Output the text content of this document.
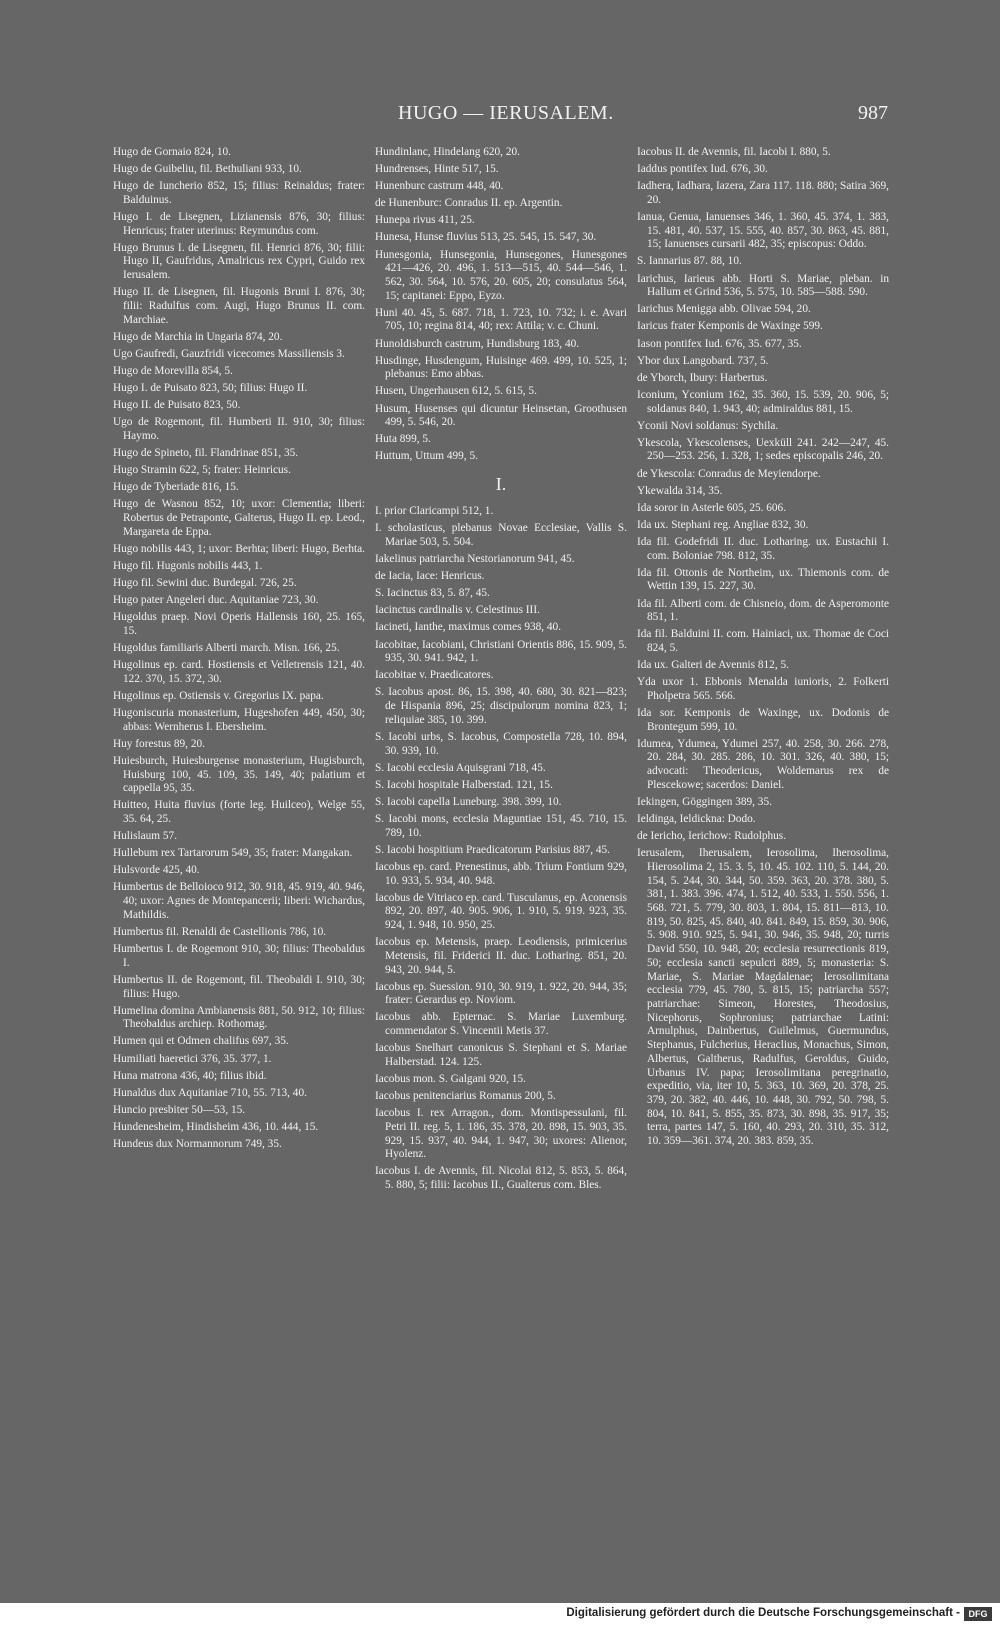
HUGO — IERUSALEM.	987
Hugo de Gornaio 824, 10.
Hugo de Guibeliu, fil. Bethuliani 933, 10.
Hugo de Iuncherio 852, 15; filius: Reinaldus; frater: Balduinus.
Hugo I. de Lisegnen, Lizianensis 876, 30; filius: Henricus; frater uterinus: Reymundus com.
Hugo Brunus I. de Lisegnen, fil. Henrici 876, 30; filii: Hugo II, Gaufridus, Amalricus rex Cypri, Guido rex Ierusalem.
Hugo II. de Lisegnen, fil. Hugonis Bruni I. 876, 30; filii: Radulfus com. Augi, Hugo Brunus II. com. Marchiae.
Hugo de Marchia in Ungaria 874, 20.
Ugo Gaufredi, Gauzfridi vicecomes Massiliensis 3.
Hugo de Morevilla 854, 5.
Hugo I. de Puisato 823, 50; filius: Hugo II.
Hugo II. de Puisato 823, 50.
Ugo de Rogemont, fil. Humberti II. 910, 30; filius: Haymo.
Hugo de Spineto, fil. Flandrinae 851, 35.
Hugo Stramin 622, 5; frater: Heinricus.
Hugo de Tyberiade 816, 15.
Hugo de Wasnou 852, 10; uxor: Clementia; liberi: Robertus de Petraponte, Galterus, Hugo II. ep. Leod., Margareta de Eppa.
Hugo nobilis 443, 1; uxor: Berhta; liberi: Hugo, Berhta.
Hugo fil. Hugonis nobilis 443, 1.
Hugo fil. Sewini duc. Burdegal. 726, 25.
Hugo pater Angeleri duc. Aquitaniae 723, 30.
Hugoldus praep. Novi Operis Hallensis 160, 25. 165, 15.
Hugoldus familiaris Alberti march. Misn. 166, 25.
Hugolinus ep. card. Hostiensis et Velletrensis 121, 40. 122. 370, 15. 372, 30.
Hugolinus ep. Ostiensis v. Gregorius IX. papa.
Hugoniscuria monasterium, Hugeshofen 449, 450, 30; abbas: Wernherus I. Ebersheim.
Huy forestus 89, 20.
Huiesburch, Huiesburgense monasterium, Hugisburch, Huisburg 100, 45. 109, 35. 149, 40; palatium et cappella 95, 35.
Huitteo, Huita fluvius (forte leg. Huilceo), Welge 55, 35. 64, 25.
Hulislaum 57.
Hullebum rex Tartarorum 549, 35; frater: Mangakan.
Hulsvorde 425, 40.
Humbertus de Belloioco 912, 30. 918, 45. 919, 40. 946, 40; uxor: Agnes de Montepancerii; liberi: Wichardus, Mathildis.
Humbertus fil. Renaldi de Castellionis 786, 10.
Humbertus I. de Rogemont 910, 30; filius: Theobaldus I.
Humbertus II. de Rogemont, fil. Theobaldi I. 910, 30; filius: Hugo.
Humelina domina Ambianensis 881, 50. 912, 10; filius: Theobaldus archiep. Rothomag.
Humen qui et Odmen chalifus 697, 35.
Humiliati haeretici 376, 35. 377, 1.
Huna matrona 436, 40; filius ibid.
Hunaldus dux Aquitaniae 710, 55. 713, 40.
Huncio presbiter 50—53, 15.
Hundenesheim, Hindisheim 436, 10. 444, 15.
Hundeus dux Normannorum 749, 35.
Hundinlanc, Hindelang 620, 20.
Hundrenses, Hinte 517, 15.
Hunenburc castrum 448, 40.
de Hunenburc: Conradus II. ep. Argentin.
Hunepa rivus 411, 25.
Hunesa, Hunse fluvius 513, 25. 545, 15. 547, 30.
Hunesgonia, Hunsegonia, Hunsegones, Hunesgones 421—426, 20. 496, 1. 513—515, 40. 544—546, 1. 562, 30. 564, 10. 576, 20. 605, 20; consulatus 564, 15; capitanei: Eppo, Eyzo.
Huni 40. 45, 5. 687. 718, 1. 723, 10. 732; i. e. Avari 705, 10; regina 814, 40; rex: Attila; v. c. Chuni.
Hunoldisburch castrum, Hundisburg 183, 40.
Husdinge, Husdengum, Huisinge 469. 499, 10. 525, 1; plebanus: Emo abbas.
Husen, Ungerhausen 612, 5. 615, 5.
Husum, Husenses qui dicuntur Heinsetan, Groothusen 499, 5. 546, 20.
Huta 899, 5.
Huttum, Uttum 499, 5.
I.
I. prior Claricampi 512, 1.
I. scholasticus, plebanus Novae Ecclesiae, Vallis S. Mariae 503, 5. 504.
Iakelinus patriarcha Nestorianorum 941, 45.
de Iacia, Iace: Henricus.
S. Iacinctus 83, 5. 87, 45.
Iacinctus cardinalis v. Celestinus III.
Iacineti, Ianthe, maximus comes 938, 40.
Iacobitae, Iacobiani, Christiani Orientis 886, 15. 909, 5. 935, 30. 941. 942, 1.
Iacobitae v. Praedicatores.
S. Iacobus apost. 86, 15. 398, 40. 680, 30. 821—823; de Hispania 896, 25; discipulorum nomina 823, 1; reliquiae 385, 10. 399.
S. Iacobi urbs, S. Iacobus, Compostella 728, 10. 894, 30. 939, 10.
S. Iacobi ecclesia Aquisgrani 718, 45.
S. Iacobi hospitale Halberstad. 121, 15.
S. Iacobi capella Luneburg. 398. 399, 10.
S. Iacobi mons, ecclesia Maguntiae 151, 45. 710, 15. 789, 10.
S. Iacobi hospitium Praedicatorum Parisius 887, 45.
Iacobus ep. card. Prenestinus, abb. Trium Fontium 929, 10. 933, 5. 934, 40. 948.
Iacobus de Vitriaco ep. card. Tusculanus, ep. Aconensis 892, 20. 897, 40. 905. 906, 1. 910, 5. 919. 923, 35. 924, 1. 948, 10. 950, 25.
Iacobus ep. Metensis, praep. Leodiensis, primicerius Metensis, fil. Friderici II. duc. Lotharing. 851, 20. 943, 20. 944, 5.
Iacobus ep. Suession. 910, 30. 919, 1. 922, 20. 944, 35; frater: Gerardus ep. Noviom.
Iacobus abb. Epternac. S. Mariae Luxemburg. commendator S. Vincentii Metis 37.
Iacobus Snelhart canonicus S. Stephani et S. Mariae Halberstad. 124. 125.
Iacobus mon. S. Galgani 920, 15.
Iacobus penitenciarius Romanus 200, 5.
Iacobus I. rex Arragon., dom. Montispessulani, fil. Petri II. reg. 5, 1. 186, 35. 378, 20. 898, 15. 903, 35. 929, 15. 937, 40. 944, 1. 947, 30; uxores: Alienor, Hyolenz.
Iacobus I. de Avennis, fil. Nicolai 812, 5. 853, 5. 864, 5. 880, 5; filii: Iacobus II., Gualterus com. Bles.
Iacobus II. de Avennis, fil. Iacobi I. 880, 5.
Iaddus pontifex Iud. 676, 30.
Iadhera, Iadhara, Iazera, Zara 117. 118. 880; Satira 369, 20.
Ianua, Genua, Ianuenses 346, 1. 360, 45. 374, 1. 383, 15. 481, 40. 537, 15. 555, 40. 857, 30. 863, 45. 881, 15; Ianuenses cursarii 482, 35; episcopus: Oddo.
S. Iannarius 87. 88, 10.
Iarichus, Iarieus abb. Horti S. Mariae, pleban. in Hallum et Grind 536, 5. 575, 10. 585—588. 590.
Iarichus Menigga abb. Olivae 594, 20.
Iaricus frater Kemponis de Waxinge 599.
Iason pontifex Iud. 676, 35. 677, 35.
Ybor dux Langobard. 737, 5.
de Yborch, Ibury: Harbertus.
Iconium, Yconium 162, 35. 360, 15. 539, 20. 906, 5; soldanus 840, 1. 943, 40; admiraldus 881, 15.
Yconii Novi soldanus: Sychila.
Ykescola, Ykescolenses, Uexküll 241. 242—247, 45. 250—253. 256, 1. 328, 1; sedes episcopalis 246, 20.
de Ykescola: Conradus de Meyiendorpe.
Ykewalda 314, 35.
Ida soror in Asterle 605, 25. 606.
Ida ux. Stephani reg. Angliae 832, 30.
Ida fil. Godefridi II. duc. Lotharing. ux. Eustachii I. com. Boloniae 798. 812, 35.
Ida fil. Ottonis de Northeim, ux. Thiemonis com. de Wettin 139, 15. 227, 30.
Ida fil. Alberti com. de Chisneio, dom. de Asperomonte 851, 1.
Ida fil. Balduini II. com. Hainiaci, ux. Thomae de Coci 824, 5.
Ida ux. Galteri de Avennis 812, 5.
Yda uxor 1. Ebbonis Menalda iunioris, 2. Folkerti Pholpetra 565. 566.
Ida sor. Kemponis de Waxinge, ux. Dodonis de Brontegum 599, 10.
Idumea, Ydumea, Ydumei 257, 40. 258, 30. 266. 278, 20. 284, 30. 285. 286, 10. 301. 326, 40. 380, 15; advocati: Theodericus, Woldemarus rex de Plescekowe; sacerdos: Daniel.
Iekingen, Göggingen 389, 35.
Ieldinga, Ieldickna: Dodo.
de Iericho, Ierichow: Rudolphus.
Ierusalem, Iherusalem, Ierosolima, Iherosolima, Hierosolima 2, 15. 3. 5, 10. 45. 102. 110, 5. 144, 20. 154, 5. 244, 30. 344, 50. 359. 363, 20. 378. 380, 5. 381, 1. 383. 396. 474, 1. 512, 40. 533, 1. 550. 556, 1. 568. 721, 5. 779, 30. 803, 1. 804, 15. 811—813, 10. 819, 50. 825, 45. 840, 40. 841. 849, 15. 859, 30. 906, 5. 908. 910. 925, 5. 941, 30. 946, 35. 948, 20; turris David 550, 10. 948, 20; ecclesia resurrectionis 819, 50; ecclesia sancti sepulcri 889, 5; monasteria: S. Mariae, S. Mariae Magdalenae; Ierosolimitana ecclesia 779, 45. 780, 5. 815, 15; patriarcha 557; patriarchae: Simeon, Horestes, Theodosius, Nicephorus, Sophronius; patriarchae Latini: Arnulphus, Dainbertus, Guilelmus, Guermundus, Stephanus, Fulcherius, Heraclius, Monachus, Simon, Albertus, Galtherus, Radulfus, Geroldus, Guido, Urbanus IV. papa; Ierosolimitana peregrinatio, expeditio, via, iter 10, 5. 363, 10. 369, 20. 378, 25. 379, 20. 382, 40. 446, 10. 448, 30. 792, 50. 798, 5. 804, 10. 841, 5. 855, 35. 873, 30. 898, 35. 917, 35; terra, partes 147, 5. 160, 40. 293, 20. 310, 35. 312, 10. 359—361. 374, 20. 383. 859, 35.
Digitalisierung gefördert durch die Deutsche Forschungsgemeinschaft - DFG
